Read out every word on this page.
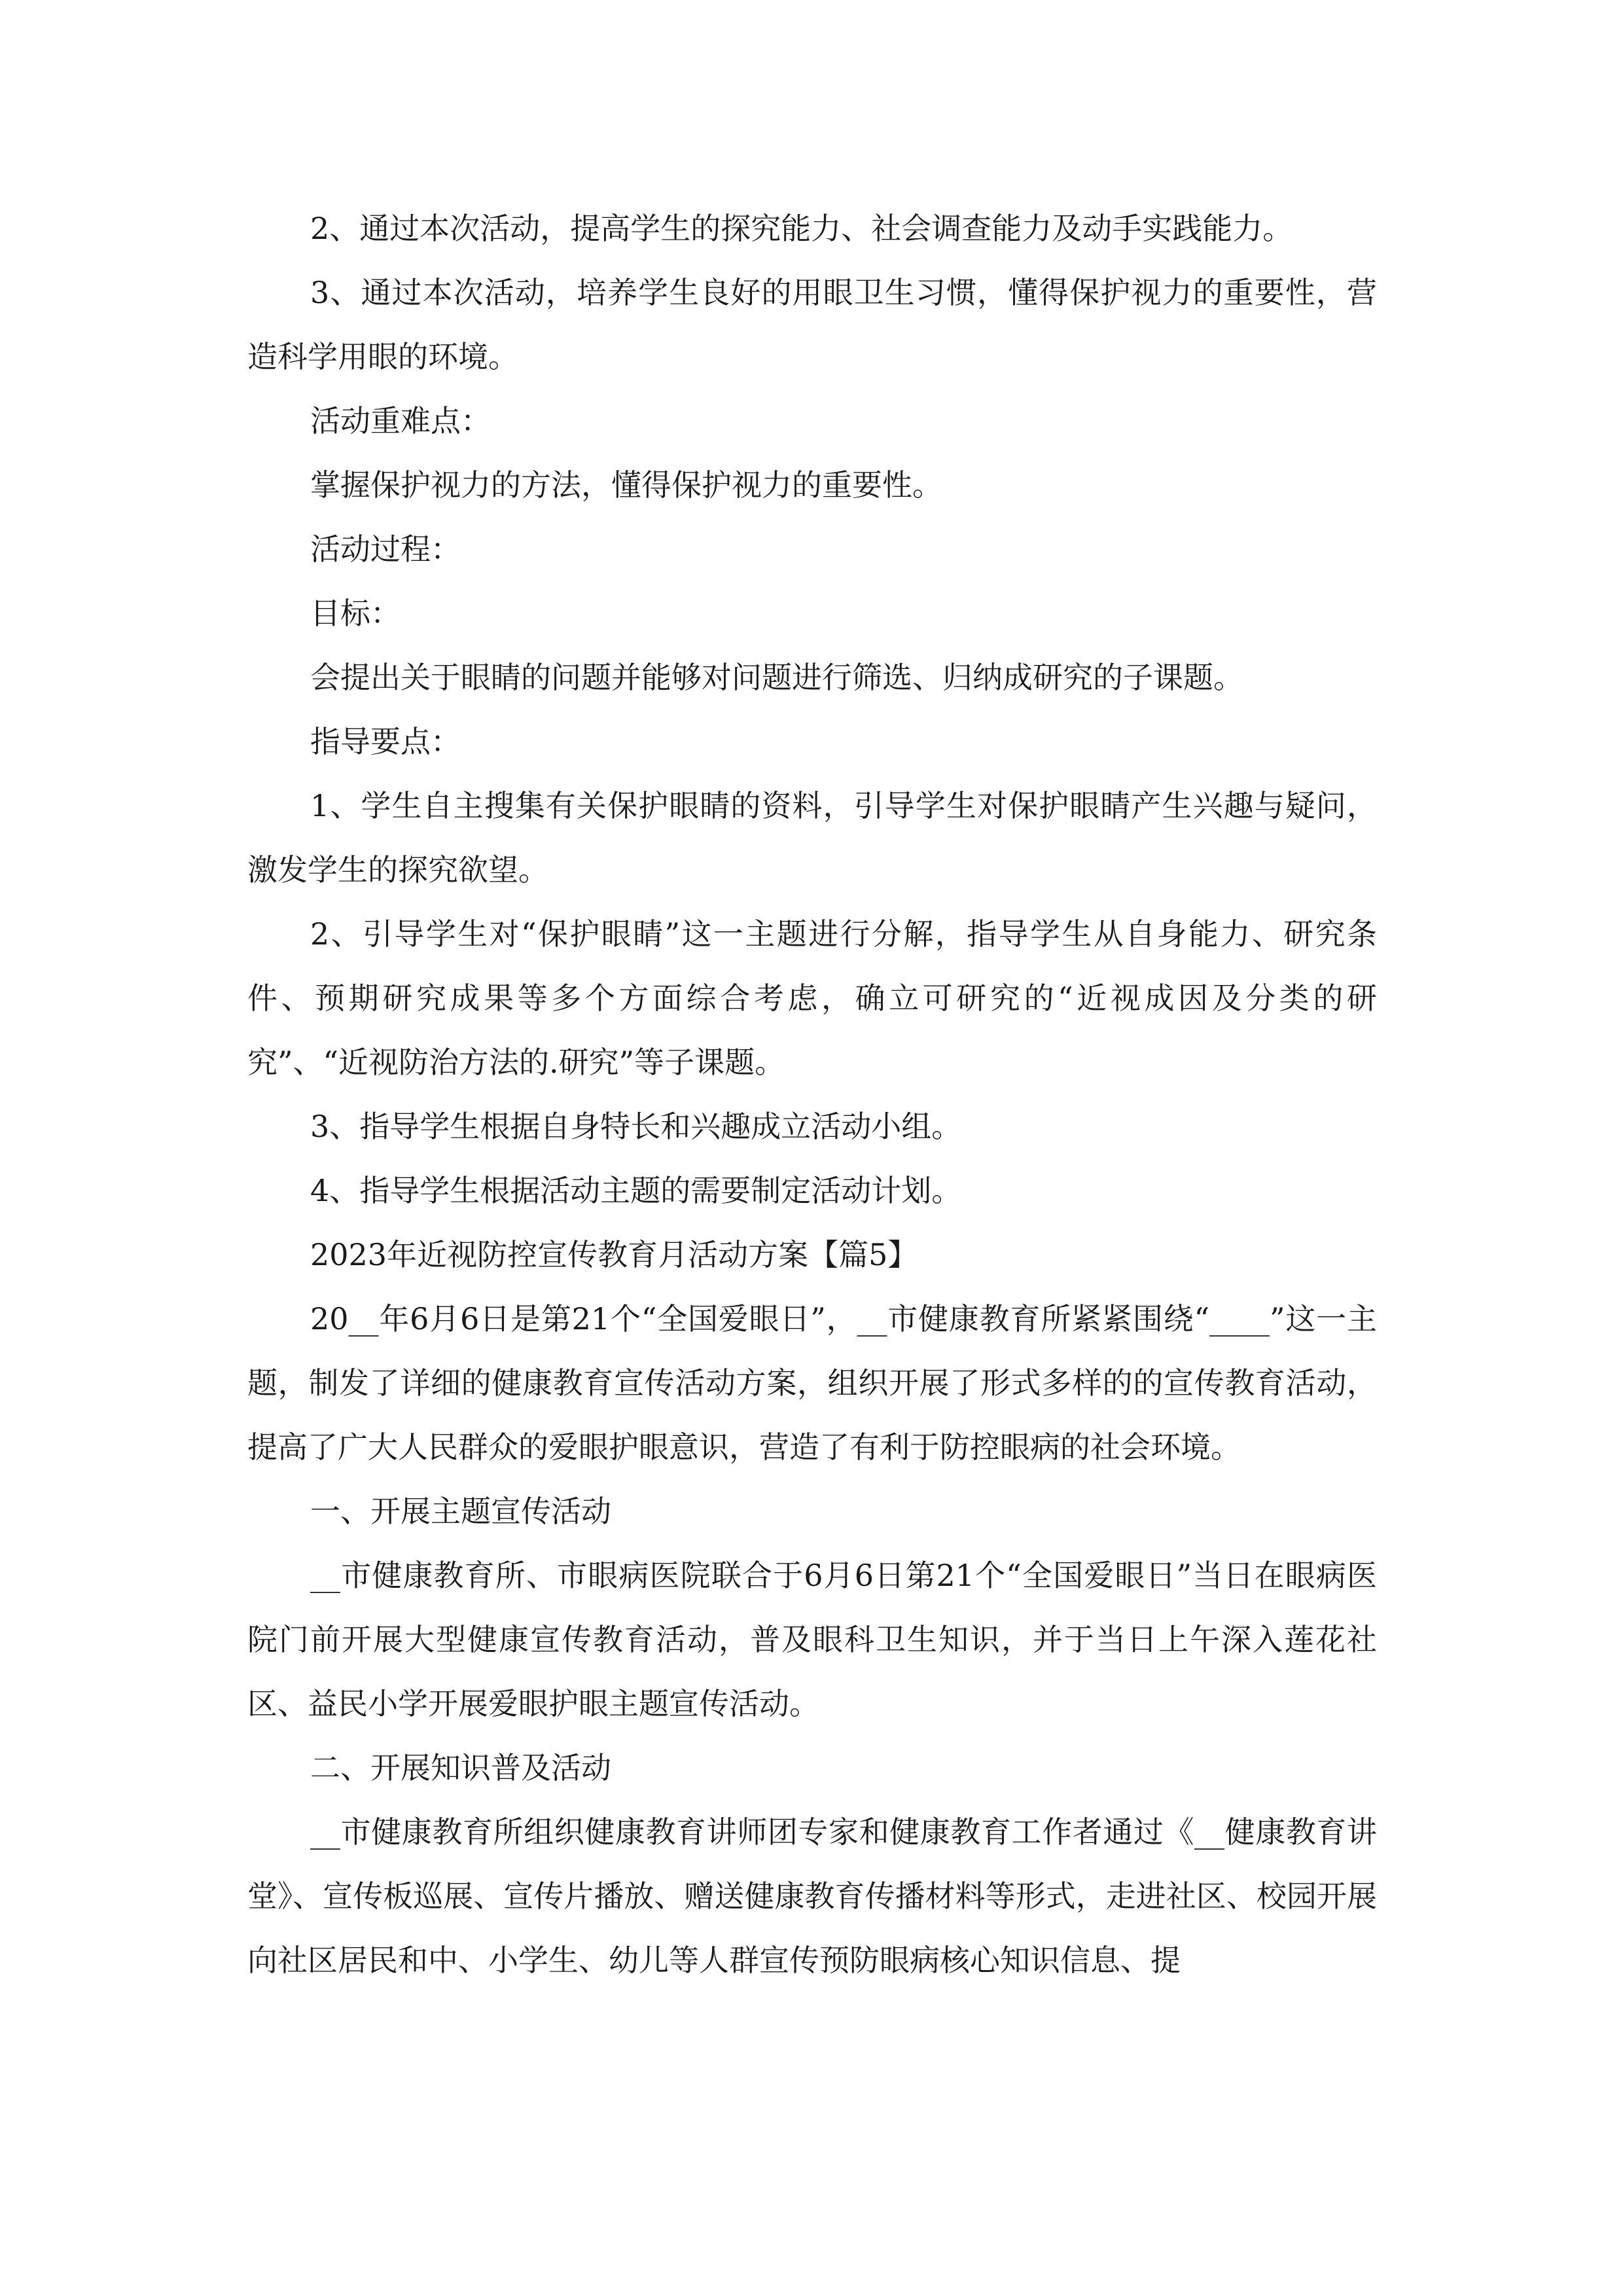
2、通过本次活动，提高学生的探究能力、社会调查能力及动手实践能力。

3、通过本次活动，培养学生良好的用眼卫生习惯，懂得保护视力的重要性，营造科学用眼的环境。

活动重难点：

掌握保护视力的方法，懂得保护视力的重要性。

活动过程：

目标：

会提出关于眼睛的问题并能够对问题进行筛选、归纳成研究的子课题。

指导要点：

1、学生自主搜集有关保护眼睛的资料，引导学生对保护眼睛产生兴趣与疑问，激发学生的探究欲望。

2、引导学生对“保护眼睛”这一主题进行分解，指导学生从自身能力、研究条件、预期研究成果等多个方面综合考虑，确立可研究的“近视成因及分类的研究”、“近视防治方法的.研究”等子课题。

3、指导学生根据自身特长和兴趣成立活动小组。

4、指导学生根据活动主题的需要制定活动计划。

2023年近视防控宣传教育月活动方案【篇5】

20__年6月6日是第21个“全国爱眼日”，__市健康教育所紧紧围绕“____”这一主题，制发了详细的健康教育宣传活动方案，组织开展了形式多样的的宣传教育活动，提高了广大人民群众的爱眼护眼意识，营造了有利于防控眼病的社会环境。

一、开展主题宣传活动

__市健康教育所、市眼病医院联合于6月6日第21个“全国爱眼日”当日在眼病医院门前开展大型健康宣传教育活动，普及眼科卫生知识，并于当日上午深入莲花社区、益民小学开展爱眼护眼主题宣传活动。

二、开展知识普及活动

__市健康教育所组织健康教育讲师团专家和健康教育工作者通过《__健康教育讲堂》、宣传板巡展、宣传片播放、赠送健康教育传播材料等形式，走进社区、校园开展向社区居民和中、小学生、幼儿等人群宣传预防眼病核心知识信息、提
